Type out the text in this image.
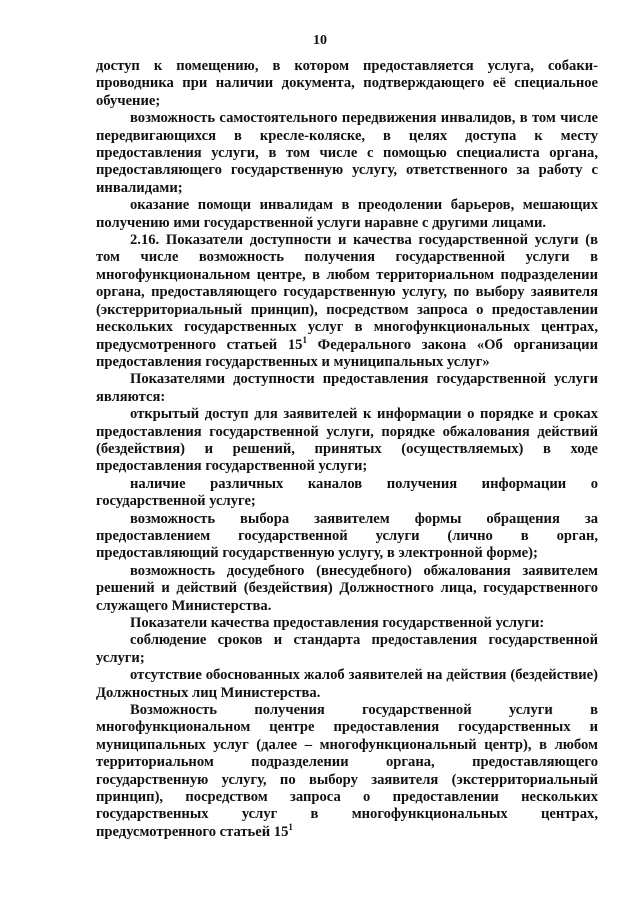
10

доступ к помещению, в котором предоставляется услуга, собаки-проводника при наличии документа, подтверждающего её специальное обучение;

возможность самостоятельного передвижения инвалидов, в том числе передвигающихся в кресле-коляске, в целях доступа к месту предоставления услуги, в том числе с помощью специалиста органа, предоставляющего государственную услугу, ответственного за работу с инвалидами;

оказание помощи инвалидам в преодолении барьеров, мешающих получению ими государственной услуги наравне с другими лицами.

2.16. Показатели доступности и качества государственной услуги (в том числе возможность получения государственной услуги в многофункциональном центре, в любом территориальном подразделении органа, предоставляющего государственную услугу, по выбору заявителя (экстерриториальный принцип), посредством запроса о предоставлении нескольких государственных услуг в многофункциональных центрах, предусмотренного статьей $15^1$ Федерального закона «Об организации предоставления государственных и муниципальных услуг»

Показателями доступности предоставления государственной услуги являются:

открытый доступ для заявителей к информации о порядке и сроках предоставления государственной услуги, порядке обжалования действий (бездействия) и решений, принятых (осуществляемых) в ходе предоставления государственной услуги;

наличие различных каналов получения информации о государственной услуге;

возможность выбора заявителем формы обращения за предоставлением государственной услуги (лично в орган, предоставляющий государственную услугу, в электронной форме);

возможность досудебного (внесудебного) обжалования заявителем решений и действий (бездействия) Должностного лица, государственного служащего Министерства.

Показатели качества предоставления государственной услуги:

соблюдение сроков и стандарта предоставления государственной услуги;

отсутствие обоснованных жалоб заявителей на действия (бездействие) Должностных лиц Министерства.

Возможность получения государственной услуги в многофункциональном центре предоставления государственных и муниципальных услуг (далее – многофункциональный центр), в любом территориальном подразделении органа, предоставляющего государственную услугу, по выбору заявителя (экстерриториальный принцип), посредством запроса о предоставлении нескольких государственных услуг в многофункциональных центрах, предусмотренного статьей $15^1$
